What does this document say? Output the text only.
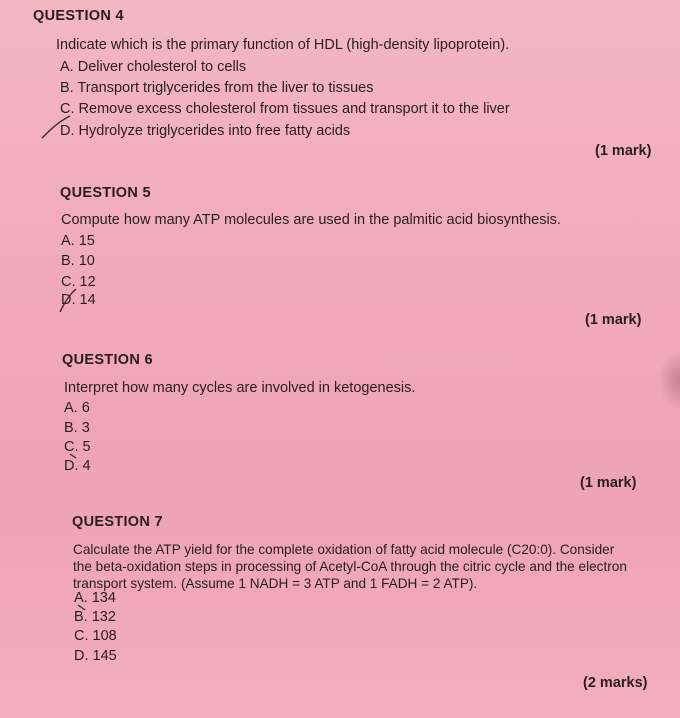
QUESTION 4
Indicate which is the primary function of HDL (high-density lipoprotein).
A. Deliver cholesterol to cells
B. Transport triglycerides from the liver to tissues
C. Remove excess cholesterol from tissues and transport it to the liver
D. Hydrolyze triglycerides into free fatty acids
(1 mark)
QUESTION 5
Compute how many ATP molecules are used in the palmitic acid biosynthesis.
A. 15
B. 10
C. 12
D. 14
(1 mark)
QUESTION 6
Interpret how many cycles are involved in ketogenesis.
A. 6
B. 3
C. 5
D. 4
(1 mark)
QUESTION 7
Calculate the ATP yield for the complete oxidation of fatty acid molecule (C20:0). Consider
the beta-oxidation steps in processing of Acetyl-CoA through the citric cycle and the electron
transport system. (Assume 1 NADH = 3 ATP and 1 FADH = 2 ATP).
A. 134
B. 132
C. 108
D. 145
(2 marks)
